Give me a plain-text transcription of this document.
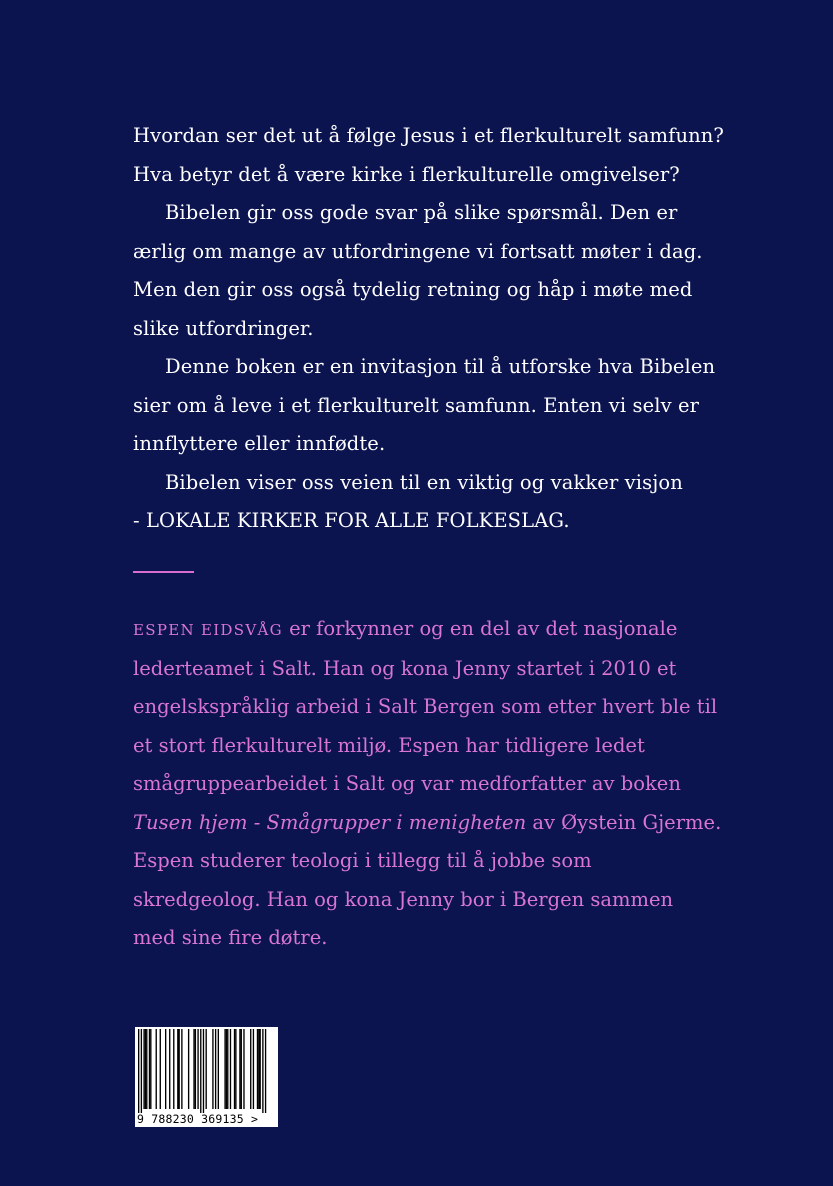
Hvordan ser det ut å følge Jesus i et flerkulturelt samfunn?
Hva betyr det å være kirke i flerkulturelle omgivelser?
Bibelen gir oss gode svar på slike spørsmål. Den er
ærlig om mange av utfordringene vi fortsatt møter i dag.
Men den gir oss også tydelig retning og håp i møte med
slike utfordringer.
Denne boken er en invitasjon til å utforske hva Bibelen
sier om å leve i et flerkulturelt samfunn. Enten vi selv er
innflyttere eller innfødte.
Bibelen viser oss veien til en viktig og vakker visjon
- LOKALE KIRKER FOR ALLE FOLKESLAG.
ESPEN EIDSVÅG er forkynner og en del av det nasjonale
lederteamet i Salt. Han og kona Jenny startet i 2010 et
engelskspråklig arbeid i Salt Bergen som etter hvert ble til
et stort flerkulturelt miljø. Espen har tidligere ledet
smågruppearbeidet i Salt og var medforfatter av boken
Tusen hjem - Smågrupper i menigheten av Øystein Gjerme.
Espen studerer teologi i tillegg til å jobbe som
skredgeolog. Han og kona Jenny bor i Bergen sammen
med sine fire døtre.
9 788230 369135 >
